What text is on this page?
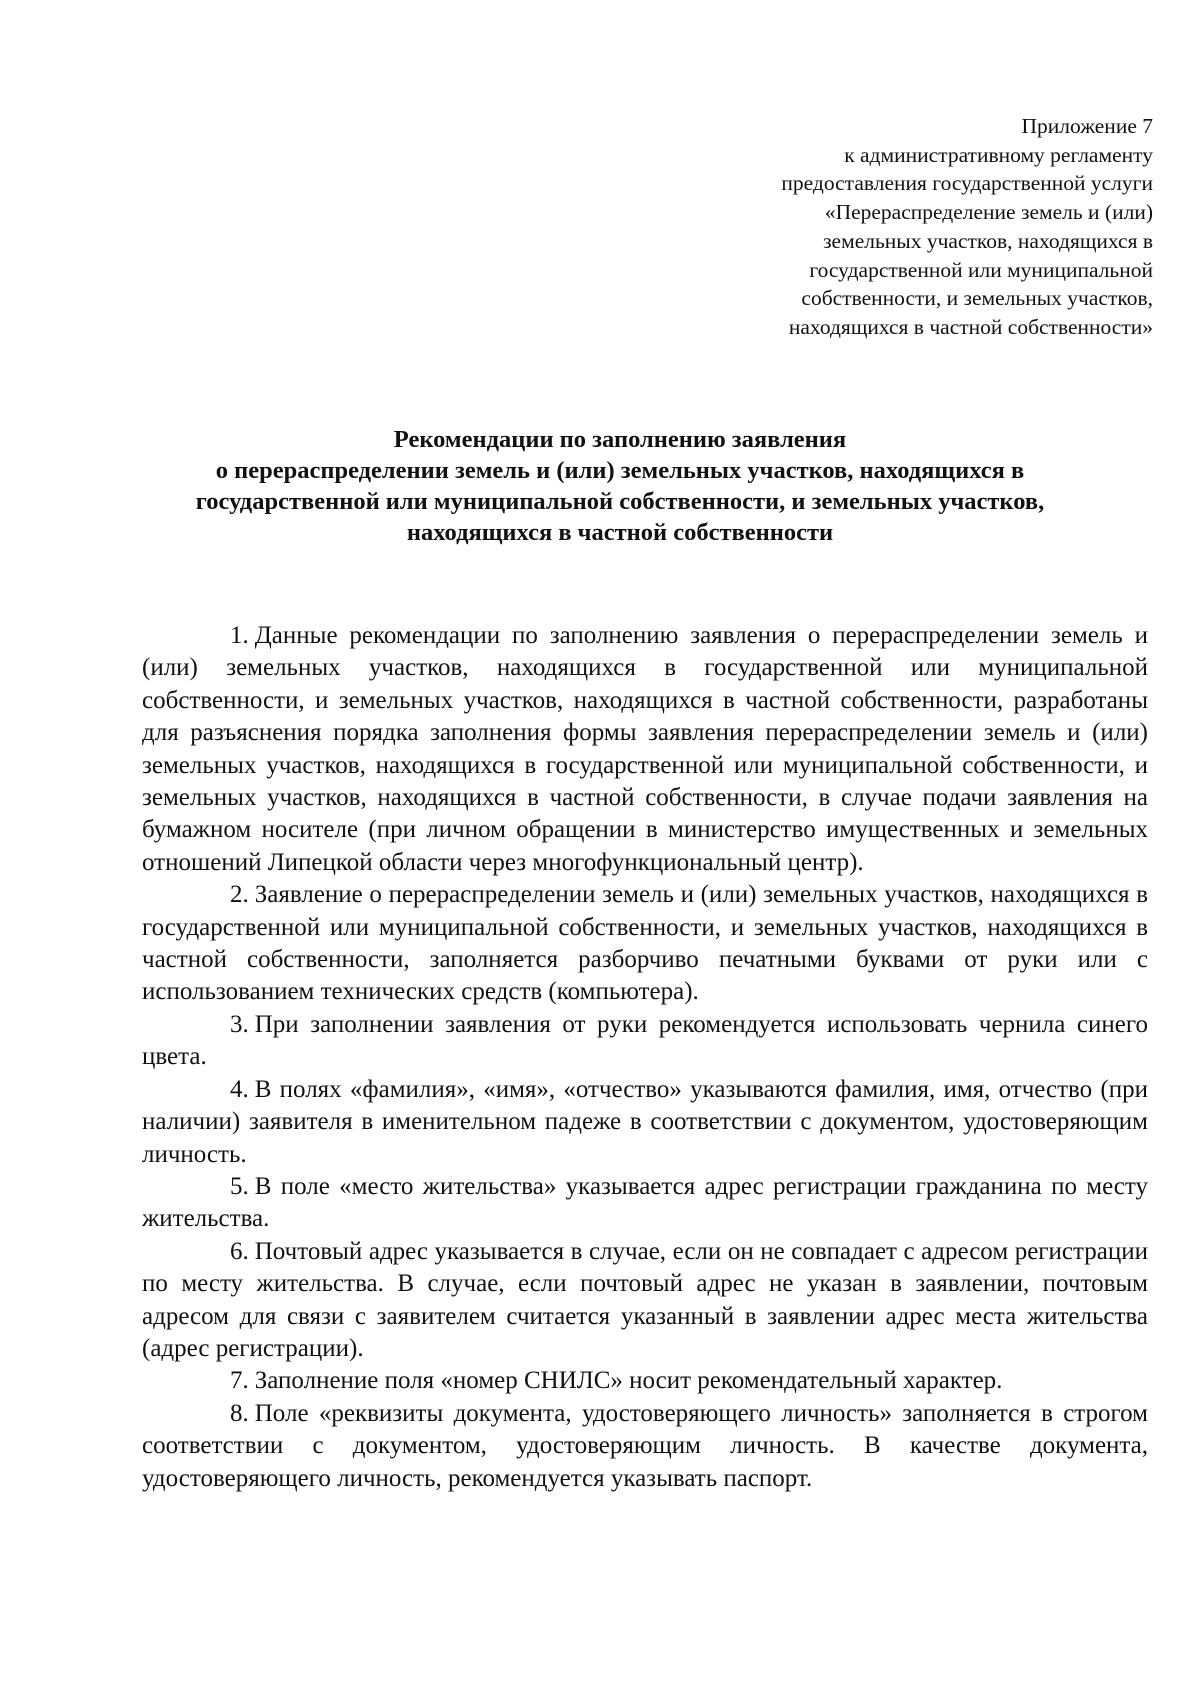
Приложение 7
к административному регламенту
предоставления государственной услуги
«Перераспределение земель и (или)
земельных участков, находящихся в
государственной или муниципальной
собственности, и земельных участков,
находящихся в частной собственности»
Рекомендации по заполнению заявления
о перераспределении земель и (или) земельных участков, находящихся в
государственной или муниципальной собственности, и земельных участков,
находящихся в частной собственности

1. Данные рекомендации по заполнению заявления о перераспределении земель и (или) земельных участков, находящихся в государственной или муниципальной собственности, и земельных участков, находящихся в частной собственности, разработаны для разъяснения порядка заполнения формы заявления перераспределении земель и (или) земельных участков, находящихся в государственной или муниципальной собственности, и земельных участков, находящихся в частной собственности, в случае подачи заявления на бумажном носителе (при личном обращении в министерство имущественных и земельных отношений Липецкой области через многофункциональный центр).

2. Заявление о перераспределении земель и (или) земельных участков, находящихся в государственной или муниципальной собственности, и земельных участков, находящихся в частной собственности, заполняется разборчиво печатными буквами от руки или с использованием технических средств (компьютера).

3. При заполнении заявления от руки рекомендуется использовать чернила синего цвета.

4. В полях «фамилия», «имя», «отчество» указываются фамилия, имя, отчество (при наличии) заявителя в именительном падеже в соответствии с документом, удостоверяющим личность.

5. В поле «место жительства» указывается адрес регистрации гражданина по месту жительства.

6. Почтовый адрес указывается в случае, если он не совпадает с адресом регистрации по месту жительства. В случае, если почтовый адрес не указан в заявлении, почтовым адресом для связи с заявителем считается указанный в заявлении адрес места жительства (адрес регистрации).

7. Заполнение поля «номер СНИЛС» носит рекомендательный характер.

8. Поле «реквизиты документа, удостоверяющего личность» заполняется в строгом соответствии с документом, удостоверяющим личность. В качестве документа, удостоверяющего личность, рекомендуется указывать паспорт.
